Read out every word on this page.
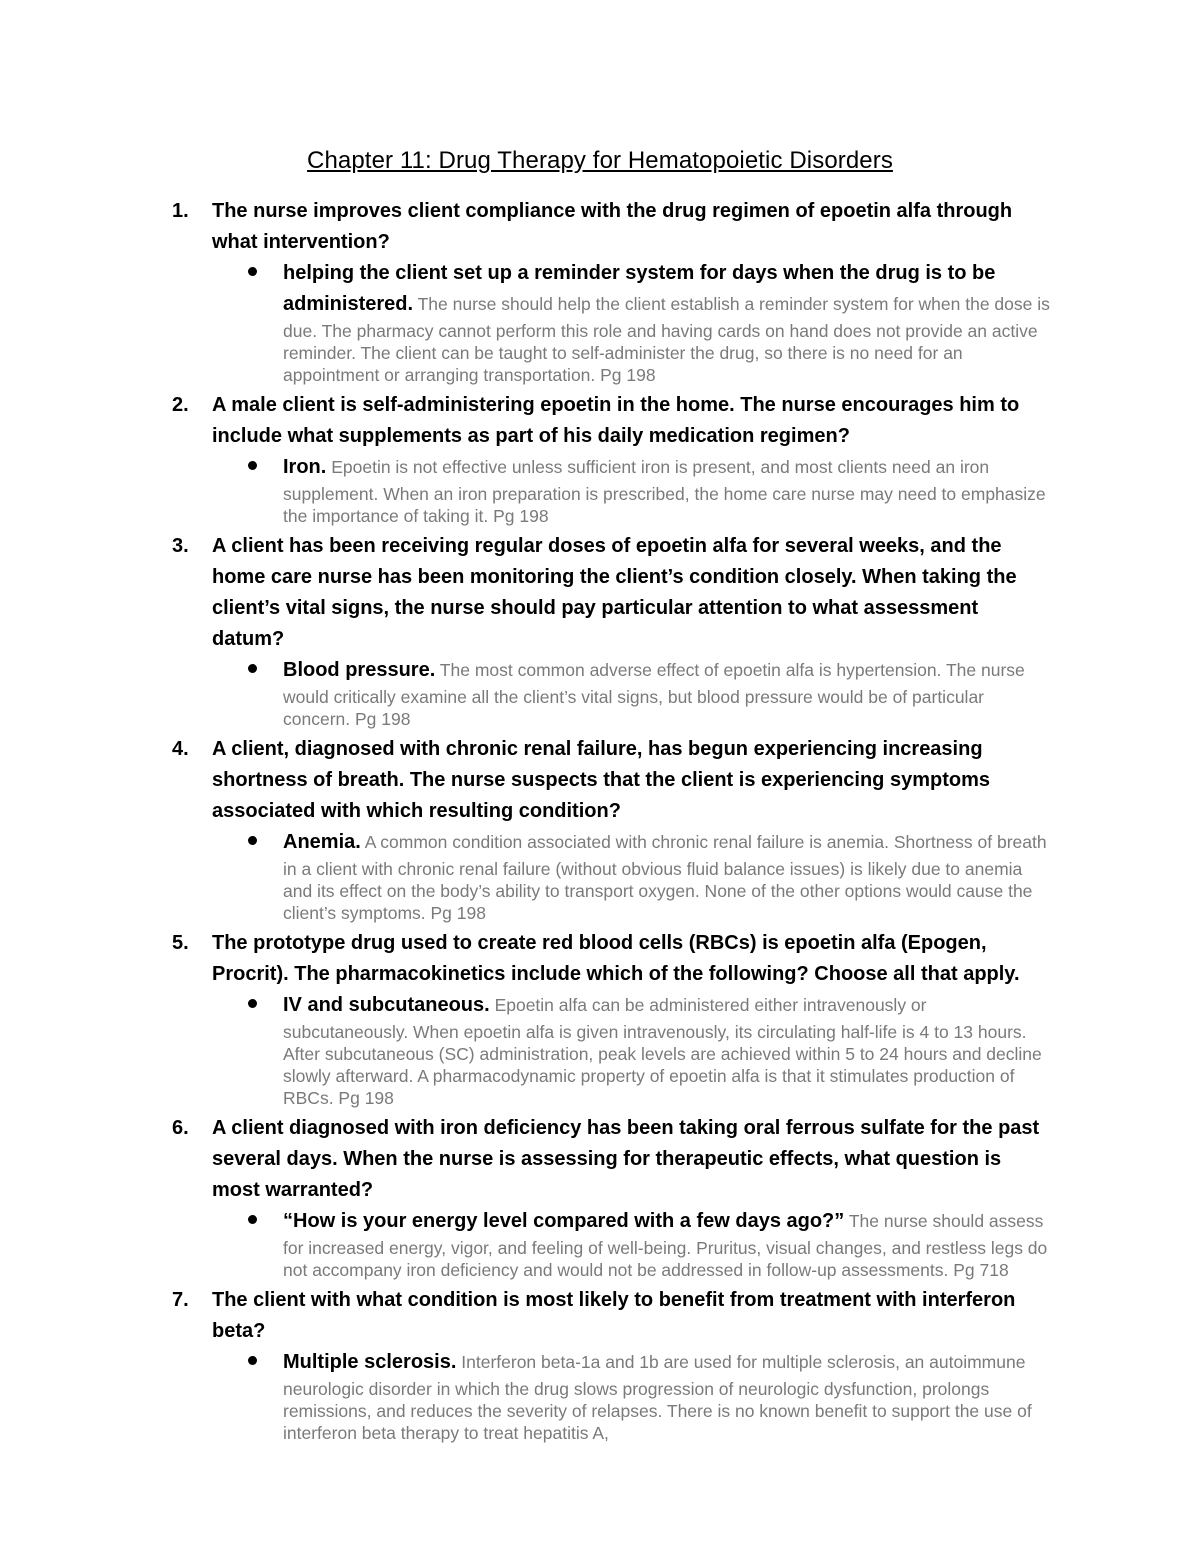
Chapter 11: Drug Therapy for Hematopoietic Disorders
1.	The nurse improves client compliance with the drug regimen of epoetin alfa through what intervention?
helping the client set up a reminder system for days when the drug is to be administered. The nurse should help the client establish a reminder system for when the dose is due. The pharmacy cannot perform this role and having cards on hand does not provide an active reminder. The client can be taught to self-administer the drug, so there is no need for an appointment or arranging transportation. Pg 198
2.	A male client is self-administering epoetin in the home. The nurse encourages him to include what supplements as part of his daily medication regimen?
Iron. Epoetin is not effective unless sufficient iron is present, and most clients need an iron supplement. When an iron preparation is prescribed, the home care nurse may need to emphasize the importance of taking it. Pg 198
3.	A client has been receiving regular doses of epoetin alfa for several weeks, and the home care nurse has been monitoring the client’s condition closely. When taking the client’s vital signs, the nurse should pay particular attention to what assessment datum?
Blood pressure. The most common adverse effect of epoetin alfa is hypertension. The nurse would critically examine all the client’s vital signs, but blood pressure would be of particular concern. Pg 198
4.	A client, diagnosed with chronic renal failure, has begun experiencing increasing shortness of breath. The nurse suspects that the client is experiencing symptoms associated with which resulting condition?
Anemia. A common condition associated with chronic renal failure is anemia. Shortness of breath in a client with chronic renal failure (without obvious fluid balance issues) is likely due to anemia and its effect on the body’s ability to transport oxygen. None of the other options would cause the client’s symptoms. Pg 198
5.	The prototype drug used to create red blood cells (RBCs) is epoetin alfa (Epogen, Procrit). The pharmacokinetics include which of the following? Choose all that apply.
IV and subcutaneous. Epoetin alfa can be administered either intravenously or subcutaneously. When epoetin alfa is given intravenously, its circulating half-life is 4 to 13 hours. After subcutaneous (SC) administration, peak levels are achieved within 5 to 24 hours and decline slowly afterward. A pharmacodynamic property of epoetin alfa is that it stimulates production of RBCs. Pg 198
6.	A client diagnosed with iron deficiency has been taking oral ferrous sulfate for the past several days. When the nurse is assessing for therapeutic effects, what question is most warranted?
“How is your energy level compared with a few days ago?” The nurse should assess for increased energy, vigor, and feeling of well-being. Pruritus, visual changes, and restless legs do not accompany iron deficiency and would not be addressed in follow-up assessments. Pg 718
7.	The client with what condition is most likely to benefit from treatment with interferon beta?
Multiple sclerosis. Interferon beta-1a and 1b are used for multiple sclerosis, an autoimmune neurologic disorder in which the drug slows progression of neurologic dysfunction, prolongs remissions, and reduces the severity of relapses. There is no known benefit to support the use of interferon beta therapy to treat hepatitis A,
